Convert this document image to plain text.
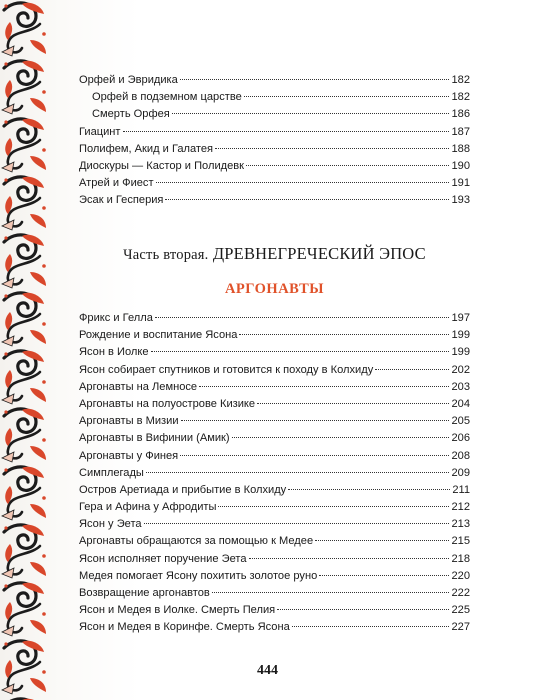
Орфей и Эвридика	182
Орфей в подземном царстве	182
Смерть Орфея	186
Гиацинт	187
Полифем, Акид и Галатея	188
Диоскуры — Кастор и Полидевк	190
Атрей и Фиест	191
Эсак и Гесперия	193
Часть вторая. ДРЕВНЕГРЕЧЕСКИЙ ЭПОС
АРГОНАВТЫ
Фрикс и Гелла	197
Рождение и воспитание Ясона	199
Ясон в Иолке	199
Ясон собирает спутников и готовится к походу в Колхиду	202
Аргонавты на Лемносе	203
Аргонавты на полуострове Кизике	204
Аргонавты в Мизии	205
Аргонавты в Вифинии (Амик)	206
Аргонавты у Финея	208
Симплегады	209
Остров Аретиада и прибытие в Колхиду	211
Гера и Афина у Афродиты	212
Ясон у Эета	213
Аргонавты обращаются за помощью к Медее	215
Ясон исполняет поручение Эета	218
Медея помогает Ясону похитить золотое руно	220
Возвращение аргонавтов	222
Ясон и Медея в Иолке. Смерть Пелия	225
Ясон и Медея в Коринфе. Смерть Ясона	227
444
